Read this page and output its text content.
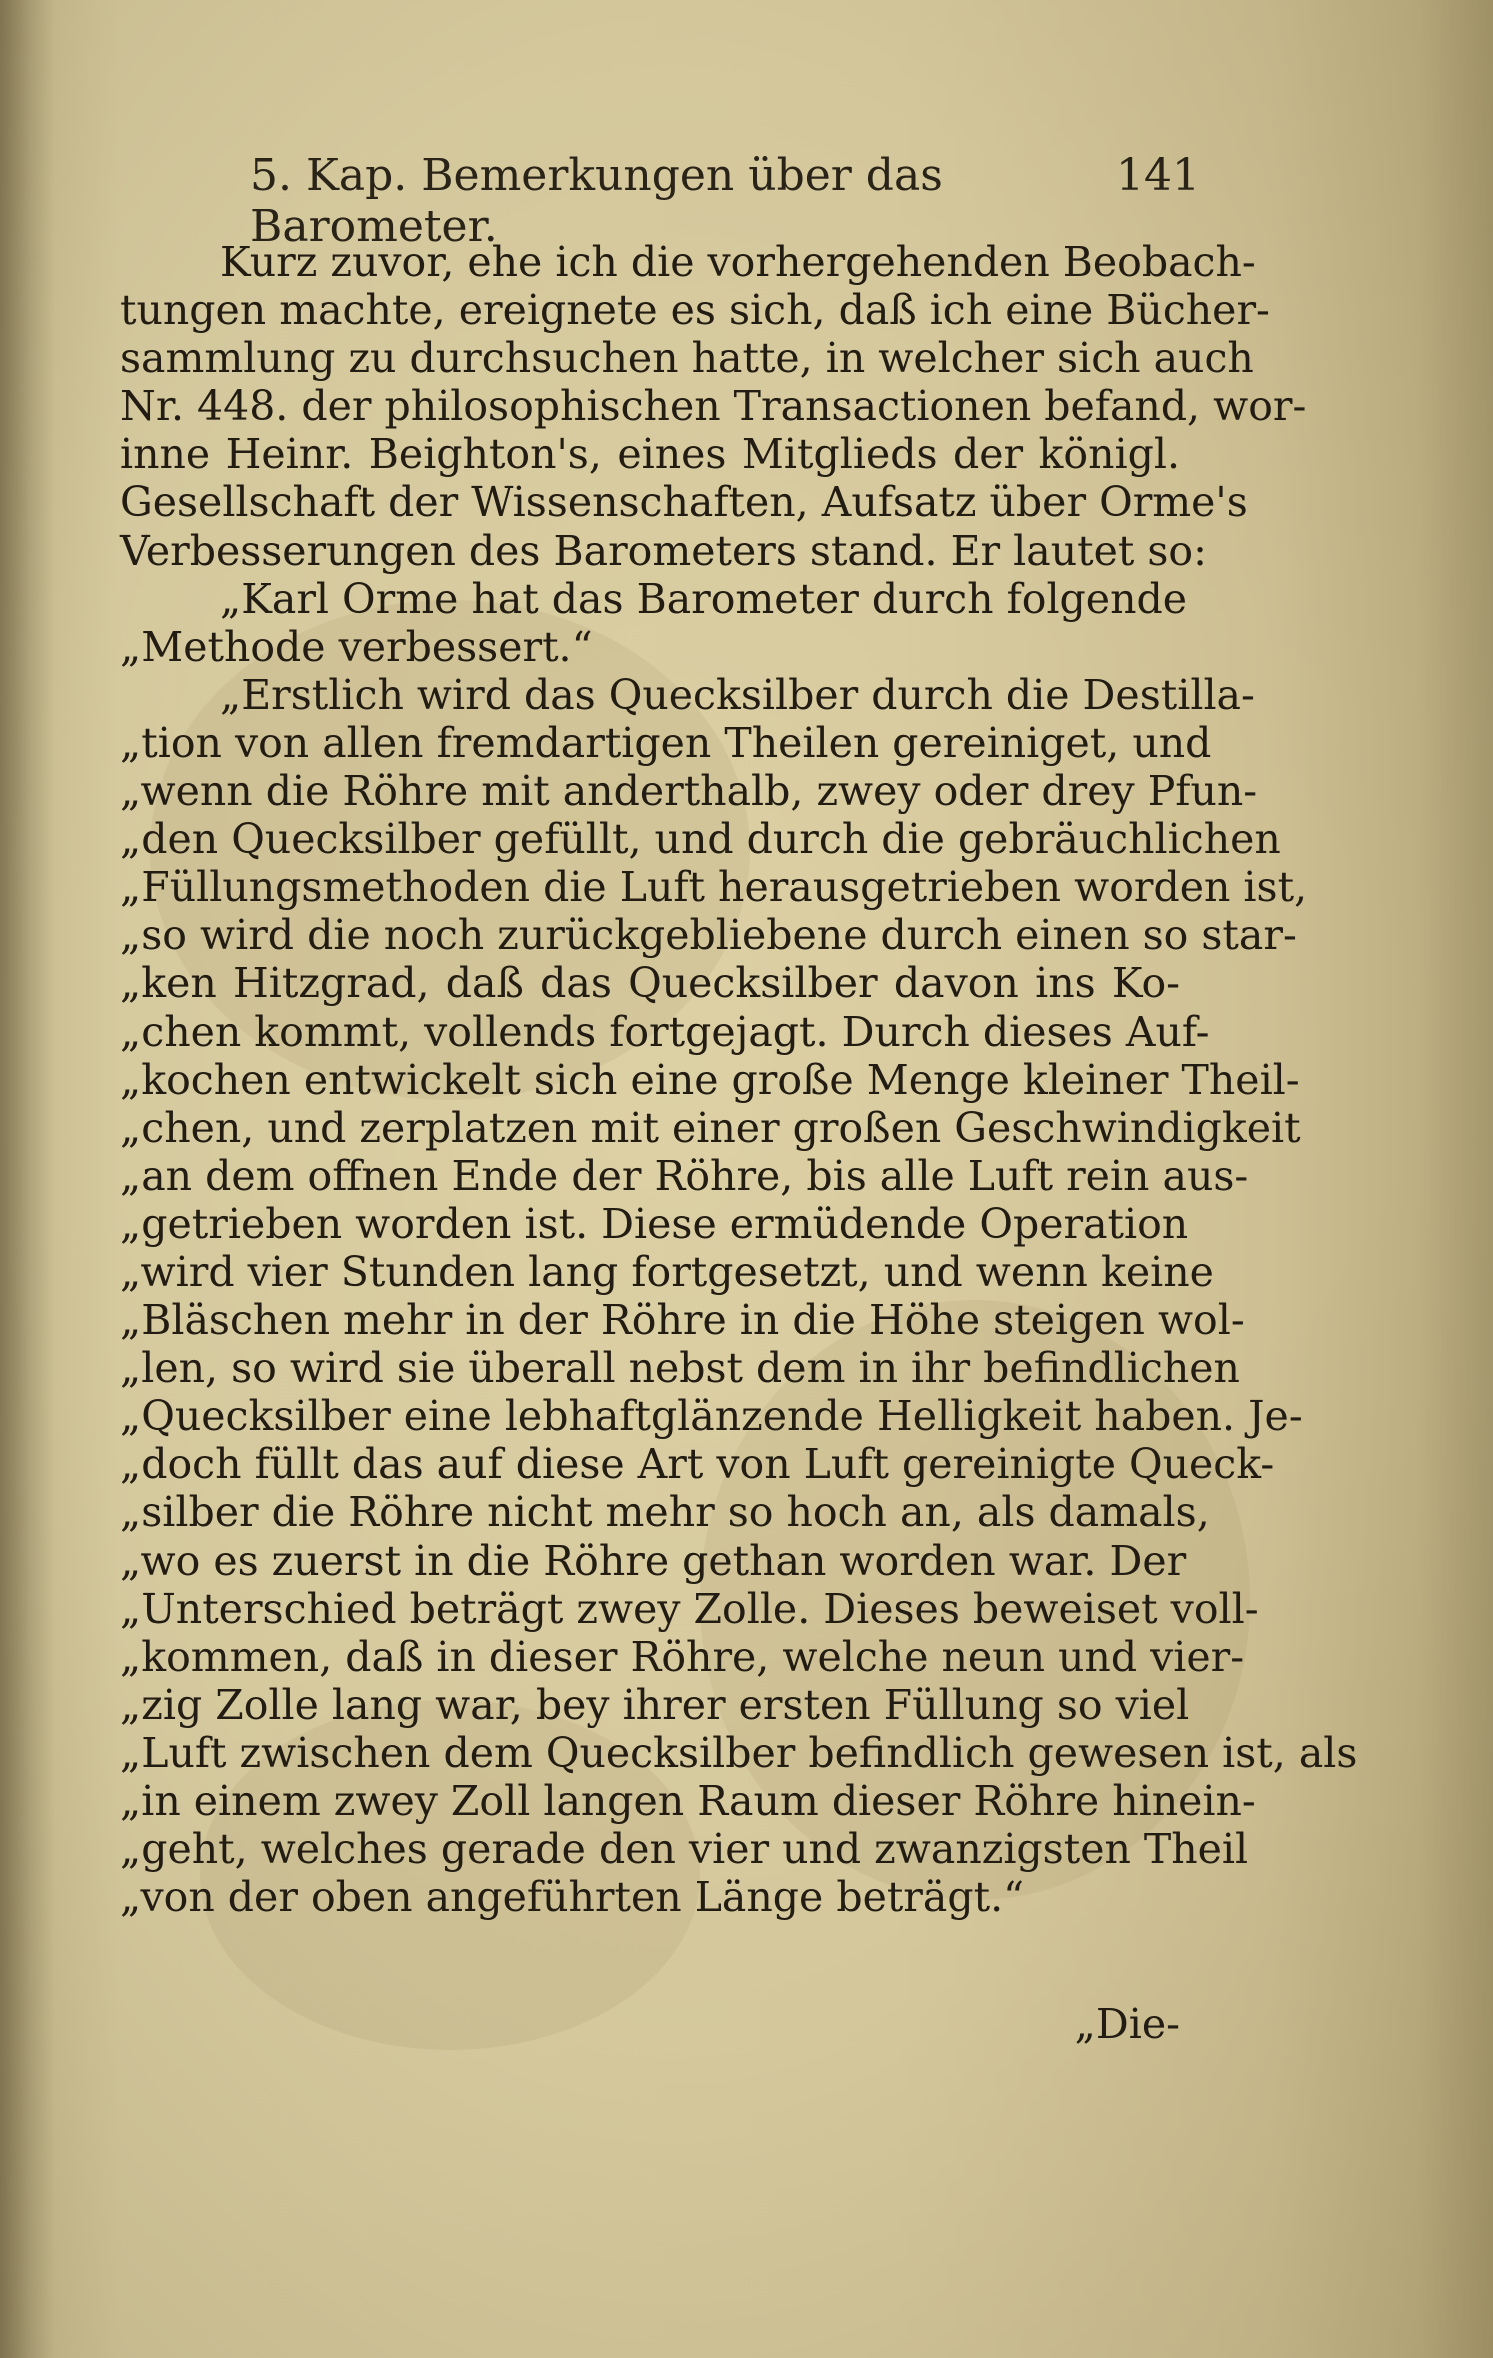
5. Kap. Bemerkungen über das Barometer.
141
Kurz zuvor, ehe ich die vorhergehenden Beobach-
tungen machte, ereignete es sich, daß ich eine Bücher-
sammlung zu durchsuchen hatte, in welcher sich auch
Nr. 448. der philosophischen Transactionen befand, wor-
inne Heinr. Beighton's, eines Mitglieds der königl.
Gesellschaft der Wissenschaften, Aufsatz über Orme's
Verbesserungen des Barometers stand. Er lautet so:
„Karl Orme hat das Barometer durch folgende
„Methode verbessert.“
„Erstlich wird das Quecksilber durch die Destilla-
„tion von allen fremdartigen Theilen gereiniget, und
„wenn die Röhre mit anderthalb, zwey oder drey Pfun-
„den Quecksilber gefüllt, und durch die gebräuchlichen
„Füllungsmethoden die Luft herausgetrieben worden ist,
„so wird die noch zurückgebliebene durch einen so star-
„ken Hitzgrad, daß das Quecksilber davon ins Ko-
„chen kommt, vollends fortgejagt. Durch dieses Auf-
„kochen entwickelt sich eine große Menge kleiner Theil-
„chen, und zerplatzen mit einer großen Geschwindigkeit
„an dem offnen Ende der Röhre, bis alle Luft rein aus-
„getrieben worden ist. Diese ermüdende Operation
„wird vier Stunden lang fortgesetzt, und wenn keine
„Bläschen mehr in der Röhre in die Höhe steigen wol-
„len, so wird sie überall nebst dem in ihr befindlichen
„Quecksilber eine lebhaftglänzende Helligkeit haben. Je-
„doch füllt das auf diese Art von Luft gereinigte Queck-
„silber die Röhre nicht mehr so hoch an, als damals,
„wo es zuerst in die Röhre gethan worden war. Der
„Unterschied beträgt zwey Zolle. Dieses beweiset voll-
„kommen, daß in dieser Röhre, welche neun und vier-
„zig Zolle lang war, bey ihrer ersten Füllung so viel
„Luft zwischen dem Quecksilber befindlich gewesen ist, als
„in einem zwey Zoll langen Raum dieser Röhre hinein-
„geht, welches gerade den vier und zwanzigsten Theil
„von der oben angeführten Länge beträgt.“
„Die-
